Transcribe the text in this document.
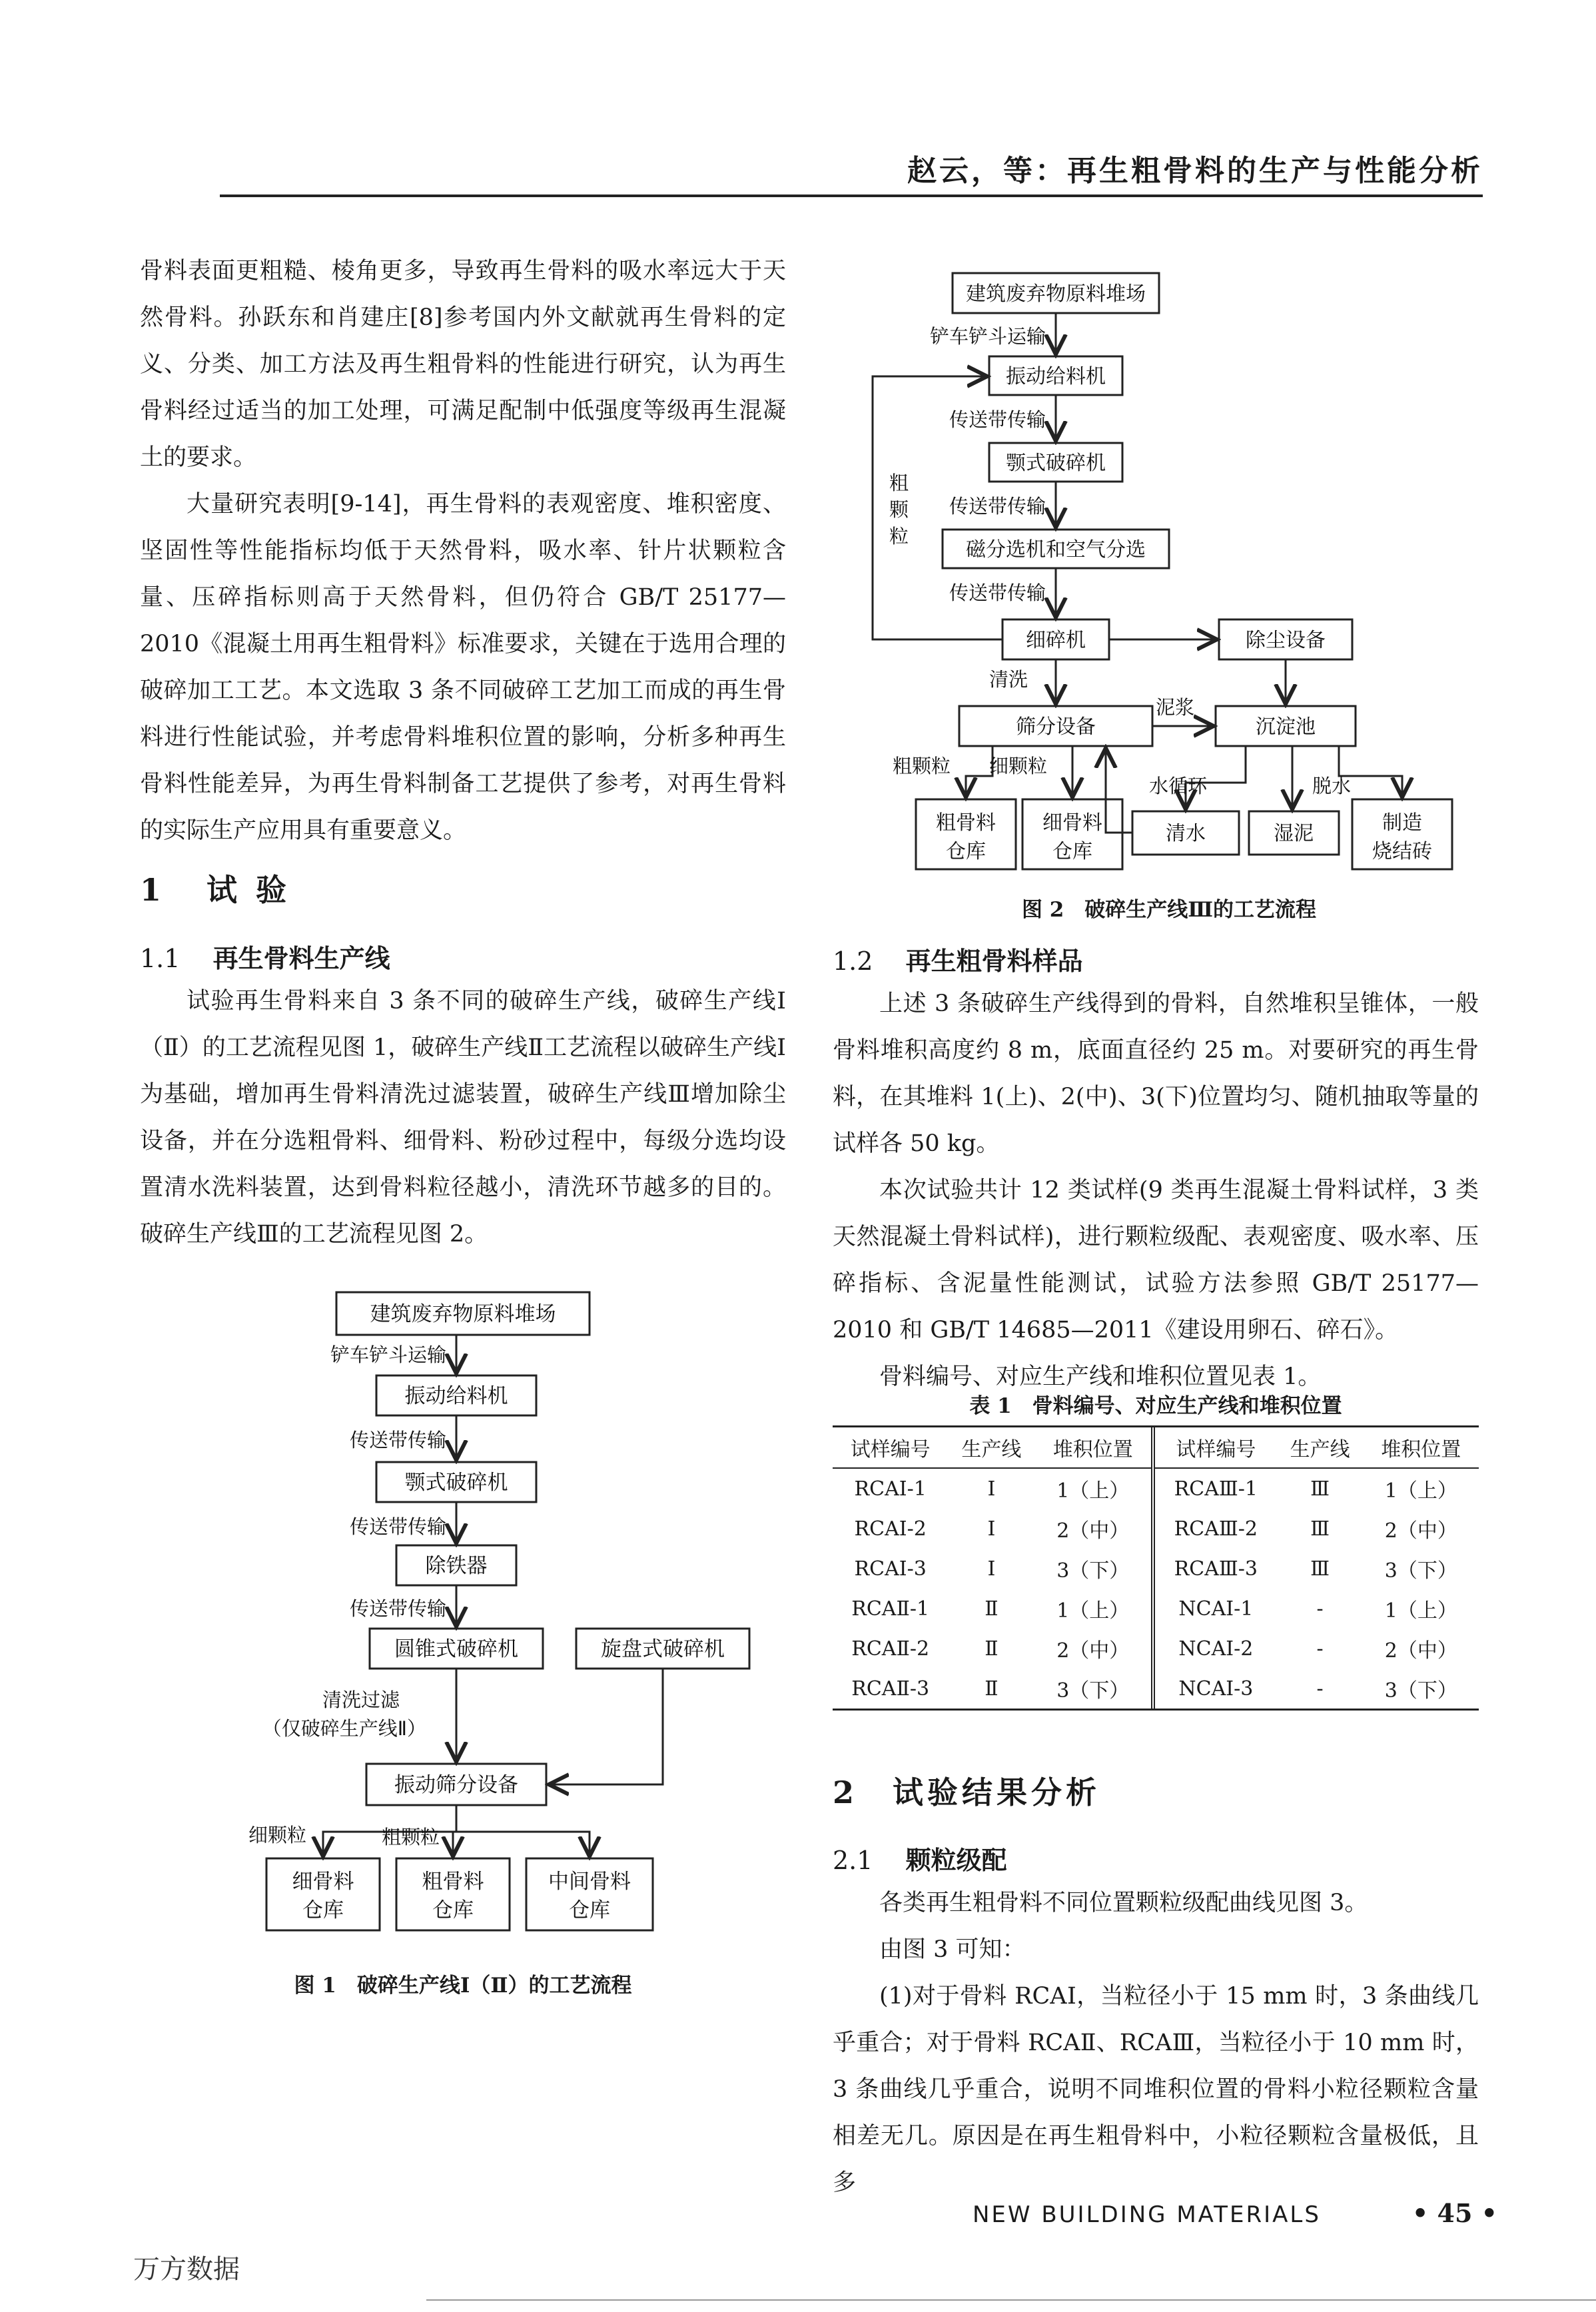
赵云，等：再生粗骨料的生产与性能分析

骨料表面更粗糙、棱角更多，导致再生骨料的吸水率远大于天然骨料。孙跃东和肖建庄[8]参考国内外文献就再生骨料的定义、分类、加工方法及再生粗骨料的性能进行研究，认为再生骨料经过适当的加工处理，可满足配制中低强度等级再生混凝土的要求。

大量研究表明[9-14]，再生骨料的表观密度、堆积密度、坚固性等性能指标均低于天然骨料，吸水率、针片状颗粒含量、压碎指标则高于天然骨料，但仍符合 GB/T 25177—2010《混凝土用再生粗骨料》标准要求，关键在于选用合理的破碎加工工艺。本文选取 3 条不同破碎工艺加工而成的再生骨料进行性能试验，并考虑骨料堆积位置的影响，分析多种再生骨料性能差异，为再生骨料制备工艺提供了参考，对再生骨料的实际生产应用具有重要意义。

1 试 验
1.1 再生骨料生产线

试验再生骨料来自 3 条不同的破碎生产线，破碎生产线Ⅰ（Ⅱ）的工艺流程见图 1，破碎生产线Ⅱ工艺流程以破碎生产线Ⅰ为基础，增加再生骨料清洗过滤装置，破碎生产线Ⅲ增加除尘设备，并在分选粗骨料、细骨料、粉砂过程中，每级分选均设置清水洗料装置，达到骨料粒径越小，清洗环节越多的目的。破碎生产线Ⅲ的工艺流程见图 2。

建筑废弃物原料堆场
振动给料机
颚式破碎机
除铁器
圆锥式破碎机	旋盘式破碎机
振动筛分设备
细骨料
仓库
粗骨料
仓库
中间骨料
仓库
铲车铲斗运输
传送带传输
传送带传输
传送带传输
清洗过滤
（仅破碎生产线Ⅱ）
细颗粒	粗颗粒
图 1　破碎生产线Ⅰ（Ⅱ）的工艺流程
建筑废弃物原料堆场
振动给料机
颚式破碎机
磁分选机和空气分选
细碎机	除尘设备
筛分设备	沉淀池
粗骨料
仓库
细骨料
仓库
清水	湿泥	制造
烧结砖
铲车铲斗运输
传送带传输
传送带传输
传送带传输
粗
颗
粒
清洗
泥浆
粗颗粒 细颗粒
水循环	脱水
图 2　破碎生产线Ⅲ的工艺流程
1.2 再生粗骨料样品

上述 3 条破碎生产线得到的骨料，自然堆积呈锥体，一般骨料堆积高度约 8 m，底面直径约 25 m。对要研究的再生骨料，在其堆料 1(上)、2(中)、3(下)位置均匀、随机抽取等量的试样各 50 kg。

本次试验共计 12 类试样(9 类再生混凝土骨料试样，3 类天然混凝土骨料试样)，进行颗粒级配、表观密度、吸水率、压碎指标、含泥量性能测试，试验方法参照 GB/T 25177—2010 和 GB/T 14685—2011《建设用卵石、碎石》。

骨料编号、对应生产线和堆积位置见表 1。

表 1　骨料编号、对应生产线和堆积位置
试样编号	生产线	堆积位置	试样编号	生产线	堆积位置
RCAⅠ-1	Ⅰ	1（上）	RCAⅢ-1	Ⅲ	1（上）
RCAⅠ-2	Ⅰ	2（中）	RCAⅢ-2	Ⅲ	2（中）
RCAⅠ-3	Ⅰ	3（下）	RCAⅢ-3	Ⅲ	3（下）
RCAⅡ-1	Ⅱ	1（上）	NCAⅠ-1	-	1（上）
RCAⅡ-2	Ⅱ	2（中）	NCAⅠ-2	-	2（中）
RCAⅡ-3	Ⅱ	3（下）	NCAⅠ-3	-	3（下）
2 试验结果分析
2.1 颗粒级配

各类再生粗骨料不同位置颗粒级配曲线见图 3。

由图 3 可知：

(1)对于骨料 RCAⅠ，当粒径小于 15 mm 时，3 条曲线几乎重合；对于骨料 RCAⅡ、RCAⅢ，当粒径小于 10 mm 时，3 条曲线几乎重合，说明不同堆积位置的骨料小粒径颗粒含量相差无几。原因是在再生粗骨料中，小粒径颗粒含量极低，且多

NEW BUILDING MATERIALS	• 45 •
万方数据
